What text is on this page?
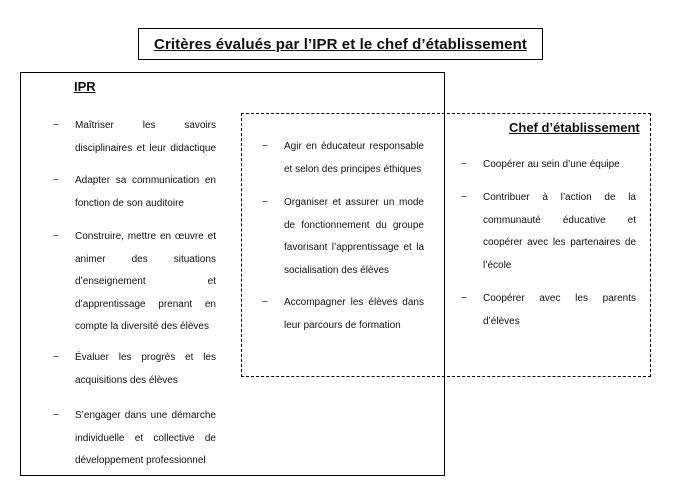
Critères évalués par l’IPR et le chef d’établissement
IPR
Chef d’établissement
− Maîtriser les savoirs disciplinaires et leur didactique
− Adapter sa communication en fonction de son auditoire
− Construire, mettre en œuvre et animer des situations d’enseignement et d’apprentissage prenant en compte la diversité des élèves
− Évaluer les progrès et les acquisitions des élèves
− S’engager dans une démarche individuelle et collective de développement professionnel
− Agir en éducateur responsable et selon des principes éthiques
− Organiser et assurer un mode de fonctionnement du groupe favorisant l’apprentissage et la socialisation des élèves
− Accompagner les élèves dans leur parcours de formation
− Coopérer au sein d’une équipe
− Contribuer à l’action de la communauté éducative et coopérer avec les partenaires de l’école
− Coopérer avec les parents d’élèves
